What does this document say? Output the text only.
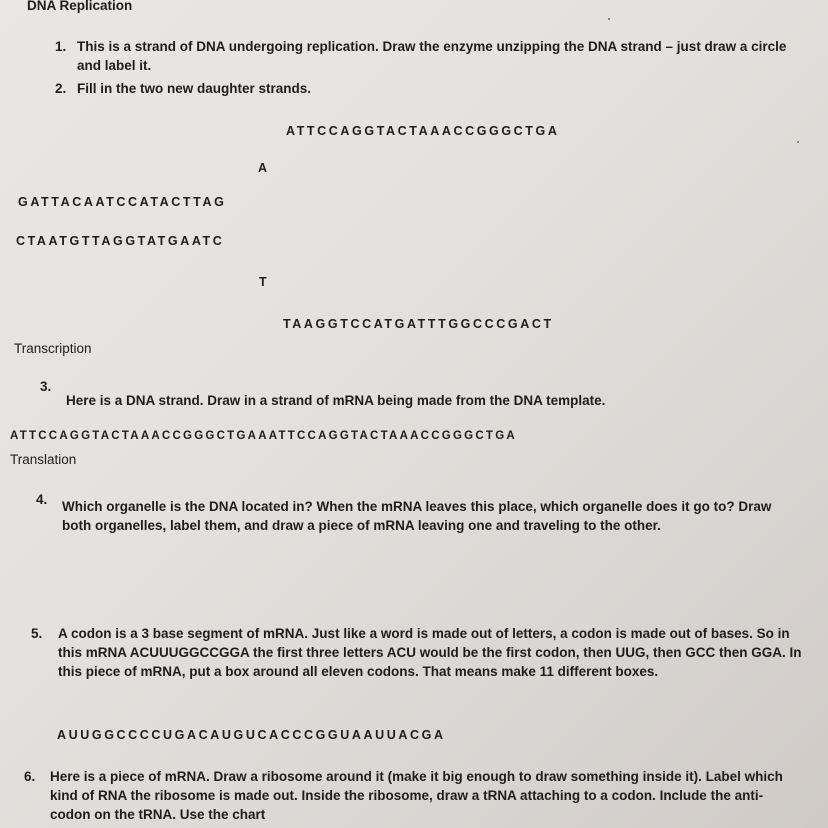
DNA Replication
1. This is a strand of DNA undergoing replication. Draw the enzyme unzipping the DNA strand – just draw a circle and label it.
2. Fill in the two new daughter strands.
ATTCCAGGTACTAAACCGGGCTGA
A
GATTACAATCCATACTTAG
CTAATGTTAGGTATGAATC
T
TAAGGTCCATGATTTGGCCCGACT
Transcription
3.
Here is a DNA strand. Draw in a strand of mRNA being made from the DNA template.
ATTCCAGGTACTAAACCGGGCTGAAATTCCAGGTACTAAACCGGGCTGA
Translation
4. Which organelle is the DNA located in? When the mRNA leaves this place, which organelle does it go to? Draw both organelles, label them, and draw a piece of mRNA leaving one and traveling to the other.
5. A codon is a 3 base segment of mRNA. Just like a word is made out of letters, a codon is made out of bases. So in this mRNA ACUUUGGCCGGA the first three letters ACU would be the first codon, then UUG, then GCC then GGA. In this piece of mRNA, put a box around all eleven codons. That means make 11 different boxes.
AUUGGCCCCUGACAUGUCACCCGGUAAUUACGA
6. Here is a piece of mRNA. Draw a ribosome around it (make it big enough to draw something inside it). Label which kind of RNA the ribosome is made out. Inside the ribosome, draw a tRNA attaching to a codon. Include the anti-codon on the tRNA. Use the chart
